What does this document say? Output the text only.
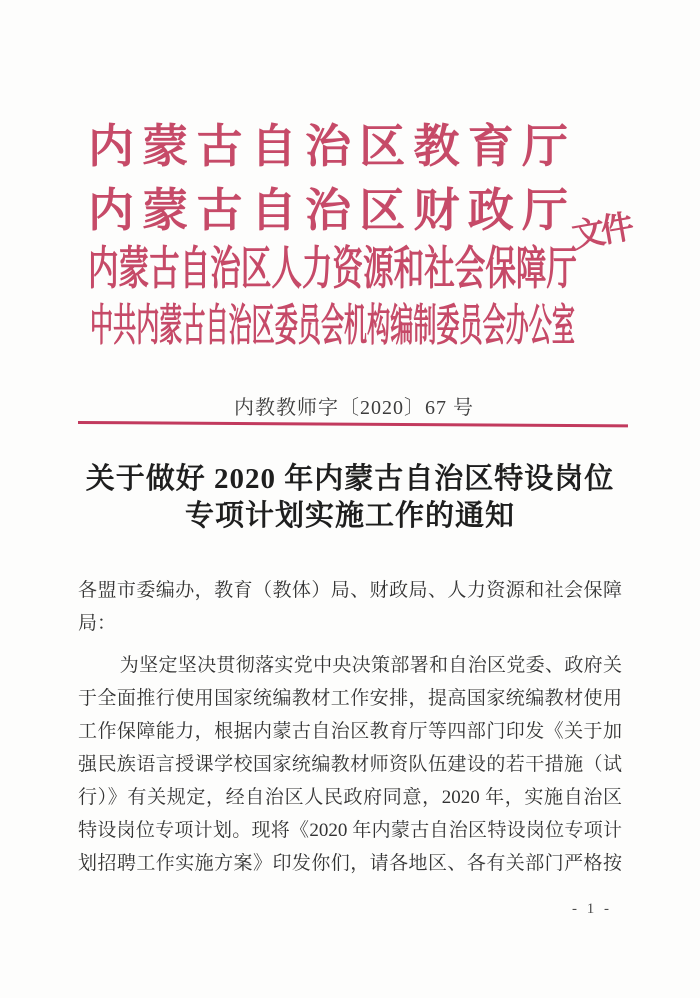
内 蒙 古 自 治 区 教 育 厅
内 蒙 古 自 治 区 财 政 厅
内蒙古自治区人力资源和社会保障厅
中共内蒙古自治区委员会机构编制委员会办公室
文件
内教教师字〔2020〕67 号
关于做好 2020 年内蒙古自治区特设岗位
专项计划实施工作的通知
各盟市委编办，教育（教体）局、财政局、人力资源和社会保障
局：
为坚定坚决贯彻落实党中央决策部署和自治区党委、政府关
于全面推行使用国家统编教材工作安排，提高国家统编教材使用
工作保障能力，根据内蒙古自治区教育厅等四部门印发《关于加
强民族语言授课学校国家统编教材师资队伍建设的若干措施（试
行）》有关规定，经自治区人民政府同意，2020 年，实施自治区
特设岗位专项计划。现将《2020 年内蒙古自治区特设岗位专项计
划招聘工作实施方案》印发你们，请各地区、各有关部门严格按
- 1 -
